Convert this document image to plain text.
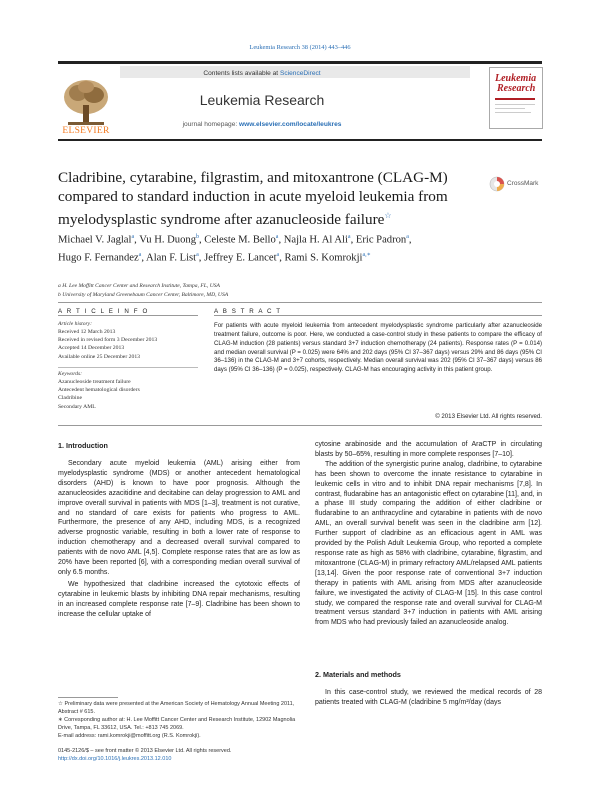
Leukemia Research 38 (2014) 443–446
Contents lists available at ScienceDirect
Leukemia Research
journal homepage: www.elsevier.com/locate/leukres
ELSEVIER
Leukemia
Research
Cladribine, cytarabine, filgrastim, and mitoxantrone (CLAG-M) compared to standard induction in acute myeloid leukemia from myelodysplastic syndrome after azanucleoside failure☆
CrossMark
Michael V. Jaglal$^a$, Vu H. Duong$^b$, Celeste M. Bello$^a$, Najla H. Al Ali$^a$, Eric Padron$^a$,
Hugo F. Fernandez$^a$, Alan F. List$^a$, Jeffrey E. Lancet$^a$, Rami S. Komrokji$^{a,∗}$
a H. Lee Moffitt Cancer Center and Research Institute, Tampa, FL, USA
b University of Maryland Greenebaum Cancer Center, Baltimore, MD, USA
A R T I C L E I N F O
Article history:
Received 12 March 2013
Received in revised form 3 December 2013
Accepted 14 December 2013
Available online 25 December 2013
Keywords:
Azanucleoside treatment failure
Antecedent hematological disorders
Cladribine
Secondary AML
A B S T R A C T
For patients with acute myeloid leukemia from antecedent myelodysplastic syndrome particularly after azanucleoside treatment failure, outcome is poor. Here, we conducted a case-control study in these patients to compare the efficacy of CLAG-M induction (28 patients) versus standard 3+7 induction chemotherapy (24 patients). Response rates (P = 0.014) and median overall survival (P = 0.025) were 64% and 202 days (95% CI 37–367 days) versus 29% and 86 days (95% CI 36–136) in the CLAG-M and 3+7 cohorts, respectively. Median overall survival was 202 (95% CI 37–367 days) versus 86 days (95% CI 36–136) (P = 0.025), respectively. CLAG-M has encouraging activity in this patient group.
© 2013 Elsevier Ltd. All rights reserved.
1. Introduction

Secondary acute myeloid leukemia (AML) arising either from myelodysplastic syndrome (MDS) or another antecedent hematological disorders (AHD) is known to have poor prognosis. Although the azanucleosides azacitidine and decitabine can delay progression to AML and improve overall survival in patients with MDS [1–3], treatment is not curative, and no standard of care exists for patients who progress to AML. Furthermore, the presence of any AHD, including MDS, is a recognized adverse prognostic variable, resulting in both a lower rate of response to induction chemotherapy and a decreased overall survival compared to patients with de novo AML [4,5]. Complete response rates that are as low as 20% have been reported [6], with a corresponding median overall survival of only 6.5 months.

We hypothesized that cladribine increased the cytotoxic effects of cytarabine in leukemic blasts by inhibiting DNA repair mechanisms, resulting in an increased complete response rate [7–9]. Cladribine has been shown to increase the cellular uptake of

cytosine arabinoside and the accumulation of AraCTP in circulating blasts by 50–65%, resulting in more complete responses [7–10].

The addition of the synergistic purine analog, cladribine, to cytarabine has been shown to overcome the innate resistance to cytarabine in leukemic cells in vitro and to inhibit DNA repair mechanisms [7,8]. In contrast, fludarabine has an antagonistic effect on cytarabine [11], and, in a phase III study comparing the addition of either cladribine or fludarabine to an anthracycline and cytarabine in patients with de novo AML, an overall survival benefit was seen in the cladribine arm [12]. Further support of cladribine as an efficacious agent in AML was provided by the Polish Adult Leukemia Group, who reported a complete response rate as high as 58% with cladribine, cytarabine, filgrastim, and mitoxantrone (CLAG-M) in primary refractory AML/relapsed AML patients [13,14]. Given the poor response rate of conventional 3+7 induction therapy in patients with AML arising from MDS after azanucleoside failure, we investigated the activity of CLAG-M [15]. In this case control study, we compared the response rate and overall survival for CLAG-M treatment versus standard 3+7 induction in patients with AML arising from MDS who had previously failed an azanucleoside analog.

2. Materials and methods

In this case-control study, we reviewed the medical records of 28 patients treated with CLAG-M (cladribine 5 mg/m²/day (days

☆ Preliminary data were presented at the American Society of Hematology Annual Meeting 2011, Abstract # 615.
∗ Corresponding author at: H. Lee Moffitt Cancer Center and Research Institute, 12902 Magnolia Drive, Tampa, FL 33612, USA. Tel.: +813 745 2069.
E-mail address: rami.komrokji@moffitt.org (R.S. Komrokji).
0145-2126/$ – see front matter © 2013 Elsevier Ltd. All rights reserved.
http://dx.doi.org/10.1016/j.leukres.2013.12.010
